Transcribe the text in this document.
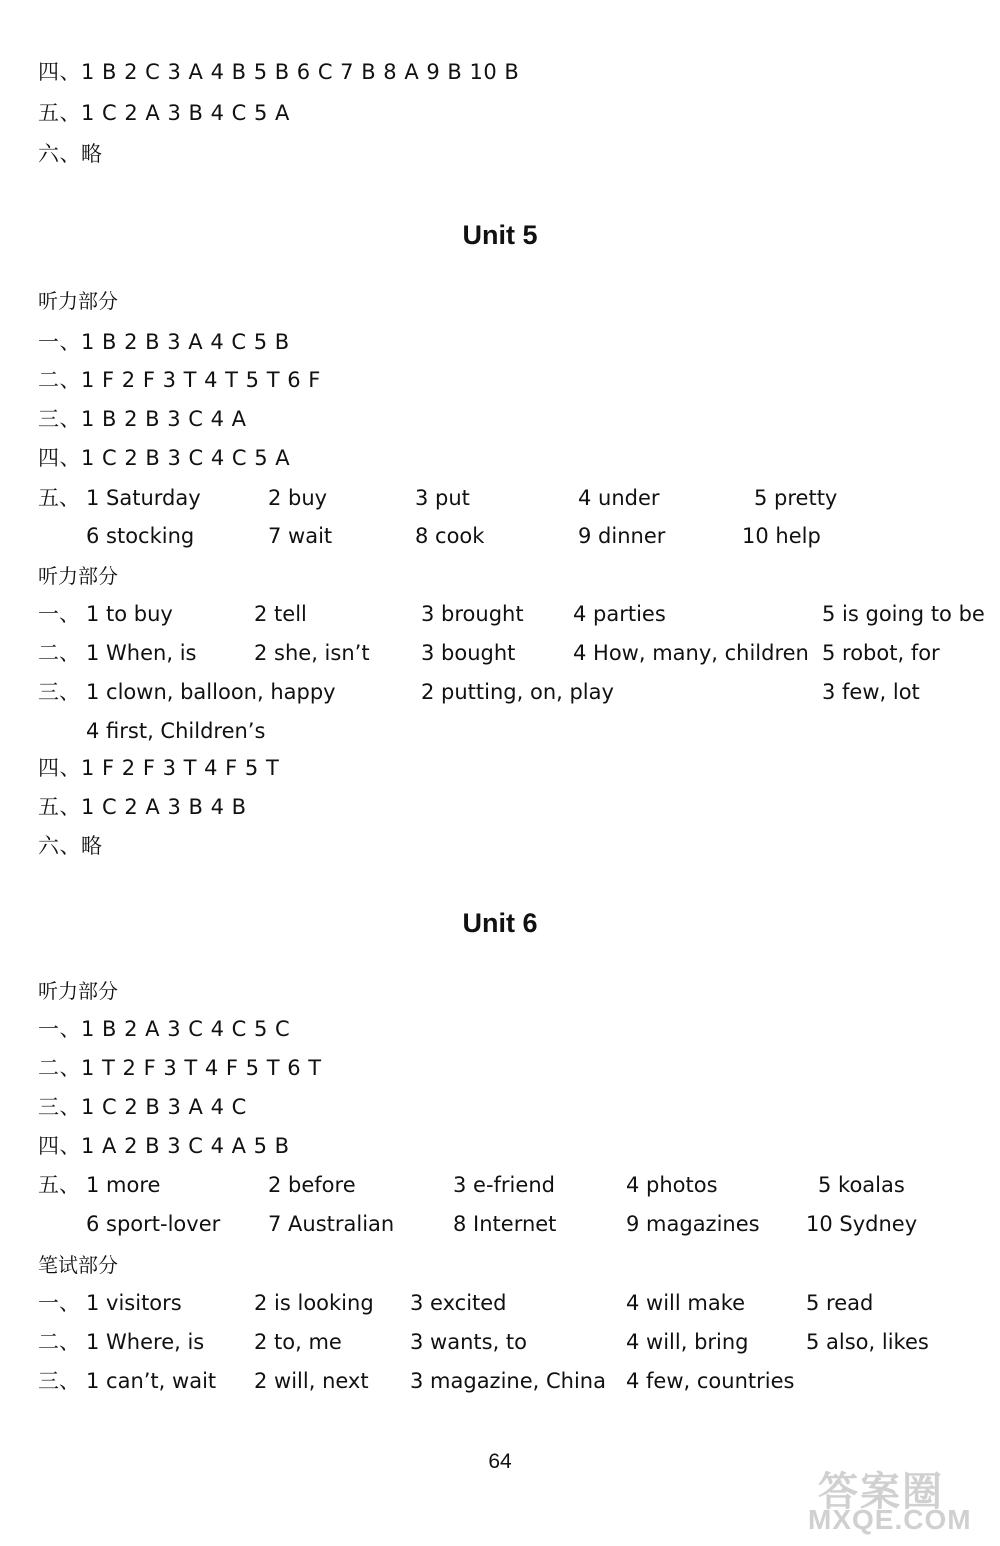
四、1 B 2 C 3 A 4 B 5 B 6 C 7 B 8 A 9 B 10 B
五、1 C 2 A 3 B 4 C 5 A
六、略
Unit 5
听力部分
一、1 B 2 B 3 A 4 C 5 B
二、1 F 2 F 3 T 4 T 5 T 6 F
三、1 B 2 B 3 C 4 A
四、1 C 2 B 3 C 4 C 5 A
五、 1 Saturday	2 buy	3 put	4 under	5 pretty
6 stocking	7 wait	8 cook	9 dinner	10 help
听力部分
一、 1 to buy	2 tell	3 brought 4 parties	5 is going to be
二、 1 When, is	2 she, isn’t 3 bought	4 How, many, children 5 robot, for
三、 1 clown, balloon, happy	2 putting, on, play	3 few, lot
4 first, Children’s
四、1 F 2 F 3 T 4 F 5 T
五、1 C 2 A 3 B 4 B
六、略
Unit 6
听力部分
一、1 B 2 A 3 C 4 C 5 C
二、1 T 2 F 3 T 4 F 5 T 6 T
三、1 C 2 B 3 A 4 C
四、1 A 2 B 3 C 4 A 5 B
五、 1 more	2 before	3 e-friend	4 photos	5 koalas
6 sport-lover 7 Australian	8 Internet	9 magazines 10 Sydney
笔试部分
一、 1 visitors	2 is looking 3 excited	4 will make	5 read
二、 1 Where, is 2 to, me	3 wants, to	4 will, bring	5 also, likes
三、 1 can’t, wait 2 will, next 3 magazine, China 4 few, countries
64
答案圈
MXQE.COM
